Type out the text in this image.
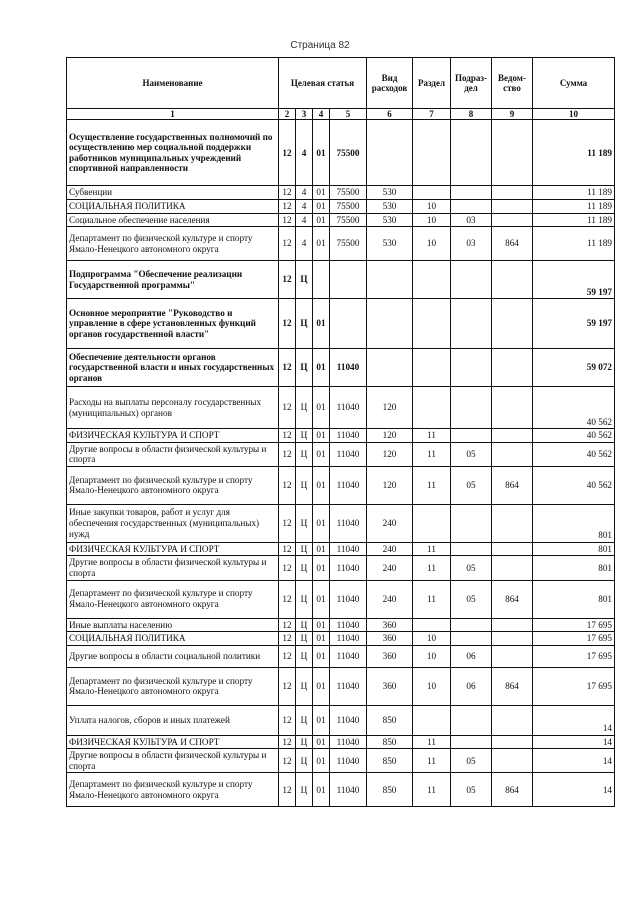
Страница 82
Наименование	Целевая статья				Вид расходов	Раздел	Подраз-дел	Ведом-ство	Сумма
1	2	3	4	5	6	7	8	9	10
Осуществление государственных полномочий по осуществлению мер социальной поддержки работников муниципальных учреждений спортивной направленности	12	4	01	75500					11 189
Субвенции	12	4	01	75500	530				11 189
СОЦИАЛЬНАЯ ПОЛИТИКА	12	4	01	75500	530	10			11 189
Социальное обеспечение населения	12	4	01	75500	530	10	03		11 189
Департамент по физической культуре и спорту Ямало-Ненецкого автономного округа	12	4	01	75500	530	10	03	864	11 189
Подпрограмма "Обеспечение реализации Государственной программы"	12	Ц							59 197
Основное мероприятие "Руководство и управление в сфере установленных функций органов государственной власти"	12	Ц	01						59 197
Обеспечение деятельности органов государственной власти и иных государственных органов	12	Ц	01	11040					59 072
Расходы на выплаты персоналу государственных (муниципальных) органов	12	Ц	01	11040	120				40 562
ФИЗИЧЕСКАЯ КУЛЬТУРА И СПОРТ	12	Ц	01	11040	120	11			40 562
Другие вопросы в области физической культуры и спорта	12	Ц	01	11040	120	11	05		40 562
Департамент по физической культуре и спорту Ямало-Ненецкого автономного округа	12	Ц	01	11040	120	11	05	864	40 562
Иные закупки товаров, работ и услуг для обеспечения государственных (муниципальных) нужд	12	Ц	01	11040	240				801
ФИЗИЧЕСКАЯ КУЛЬТУРА И СПОРТ	12	Ц	01	11040	240	11			801
Другие вопросы в области физической культуры и спорта	12	Ц	01	11040	240	11	05		801
Департамент по физической культуре и спорту Ямало-Ненецкого автономного округа	12	Ц	01	11040	240	11	05	864	801
Иные выплаты населению	12	Ц	01	11040	360				17 695
СОЦИАЛЬНАЯ ПОЛИТИКА	12	Ц	01	11040	360	10			17 695
Другие вопросы в области социальной политики	12	Ц	01	11040	360	10	06		17 695
Департамент по физической культуре и спорту Ямало-Ненецкого автономного округа	12	Ц	01	11040	360	10	06	864	17 695
Уплата налогов, сборов и иных платежей	12	Ц	01	11040	850				14
ФИЗИЧЕСКАЯ КУЛЬТУРА И СПОРТ	12	Ц	01	11040	850	11			14
Другие вопросы в области физической культуры и спорта	12	Ц	01	11040	850	11	05		14
Департамент по физической культуре и спорту Ямало-Ненецкого автономного округа	12	Ц	01	11040	850	11	05	864	14
